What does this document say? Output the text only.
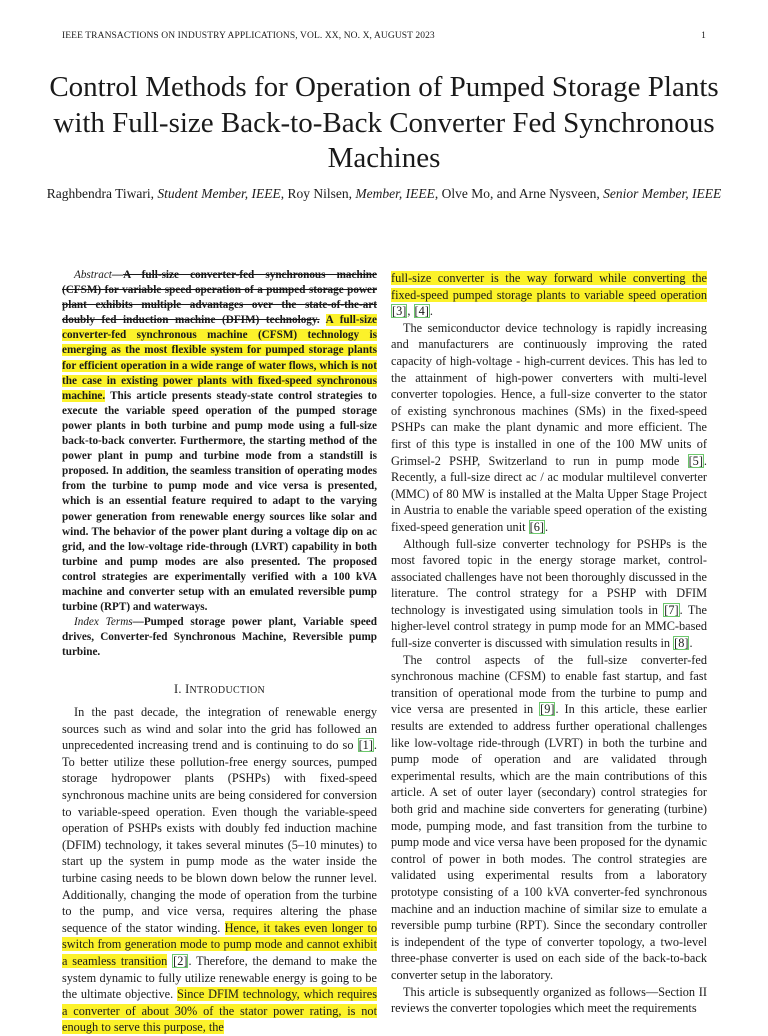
IEEE TRANSACTIONS ON INDUSTRY APPLICATIONS, VOL. XX, NO. X, AUGUST 2023	1
Control Methods for Operation of Pumped Storage Plants with Full-size Back-to-Back Converter Fed Synchronous Machines
Raghbendra Tiwari, Student Member, IEEE, Roy Nilsen, Member, IEEE, Olve Mo, and Arne Nysveen, Senior Member, IEEE

Abstract—A full-size converter-fed synchronous machine (CFSM) for variable speed operation of a pumped storage power plant exhibits multiple advantages over the state-of-the-art doubly fed induction machine (DFIM) technology. A full-size converter-fed synchronous machine (CFSM) technology is emerging as the most flexible system for pumped storage plants for efficient operation in a wide range of water flows, which is not the case in existing power plants with fixed-speed synchronous machine. This article presents steady-state control strategies to execute the variable speed operation of the pumped storage power plants in both turbine and pump mode using a full-size back-to-back converter. Furthermore, the starting method of the power plant in pump and turbine mode from a standstill is proposed. In addition, the seamless transition of operating modes from the turbine to pump mode and vice versa is presented, which is an essential feature required to adapt to the varying power generation from renewable energy sources like solar and wind. The behavior of the power plant during a voltage dip on ac grid, and the low-voltage ride-through (LVRT) capability in both turbine and pump modes are also presented. The proposed control strategies are experimentally verified with a 100 kVA machine and converter setup with an emulated reversible pump turbine (RPT) and waterways.

Index Terms—Pumped storage power plant, Variable speed drives, Converter-fed Synchronous Machine, Reversible pump turbine.

I. INTRODUCTION

In the past decade, the integration of renewable energy sources such as wind and solar into the grid has followed an unprecedented increasing trend and is continuing to do so [1]. To better utilize these pollution-free energy sources, pumped storage hydropower plants (PSHPs) with fixed-speed synchronous machine units are being considered for conversion to variable-speed operation. Even though the variable-speed operation of PSHPs exists with doubly fed induction machine (DFIM) technology, it takes several minutes (5–10 minutes) to start up the system in pump mode as the water inside the turbine casing needs to be blown down below the runner level. Additionally, changing the mode of operation from the turbine to the pump, and vice versa, requires altering the phase sequence of the stator winding. Hence, it takes even longer to switch from generation mode to pump mode and cannot exhibit a seamless transition [2]. Therefore, the demand to make the system dynamic to fully utilize renewable energy is going to be the ultimate objective. Since DFIM technology, which requires a converter of about 30% of the stator power rating, is not enough to serve this purpose, the

full-size converter is the way forward while converting the fixed-speed pumped storage plants to variable speed operation [3], [4].

The semiconductor device technology is rapidly increasing and manufacturers are continuously improving the rated capacity of high-voltage - high-current devices. This has led to the attainment of high-power converters with multi-level converter topologies. Hence, a full-size converter to the stator of existing synchronous machines (SMs) in the fixed-speed PSHPs can make the plant dynamic and more efficient. The first of this type is installed in one of the 100 MW units of Grimsel-2 PSHP, Switzerland to run in pump mode [5]. Recently, a full-size direct ac / ac modular multilevel converter (MMC) of 80 MW is installed at the Malta Upper Stage Project in Austria to enable the variable speed operation of the existing fixed-speed generation unit [6].

Although full-size converter technology for PSHPs is the most favored topic in the energy storage market, control-associated challenges have not been thoroughly discussed in the literature. The control strategy for a PSHP with DFIM technology is investigated using simulation tools in [7]. The higher-level control strategy in pump mode for an MMC-based full-size converter is discussed with simulation results in [8].

The control aspects of the full-size converter-fed synchronous machine (CFSM) to enable fast startup, and fast transition of operational mode from the turbine to pump and vice versa are presented in [9]. In this article, these earlier results are extended to address further operational challenges like low-voltage ride-through (LVRT) in both the turbine and pump mode of operation and are validated through experimental results, which are the main contributions of this article. A set of outer layer (secondary) control strategies for both grid and machine side converters for generating (turbine) mode, pumping mode, and fast transition from the turbine to pump mode and vice versa have been proposed for the dynamic control of power in both modes. The control strategies are validated using experimental results from a laboratory prototype consisting of a 100 kVA converter-fed synchronous machine and an induction machine of similar size to emulate a reversible pump turbine (RPT). Since the secondary controller is independent of the type of converter topology, a two-level three-phase converter is used on each side of the back-to-back converter setup in the laboratory.

This article is subsequently organized as follows—Section II reviews the converter topologies which meet the requirements
